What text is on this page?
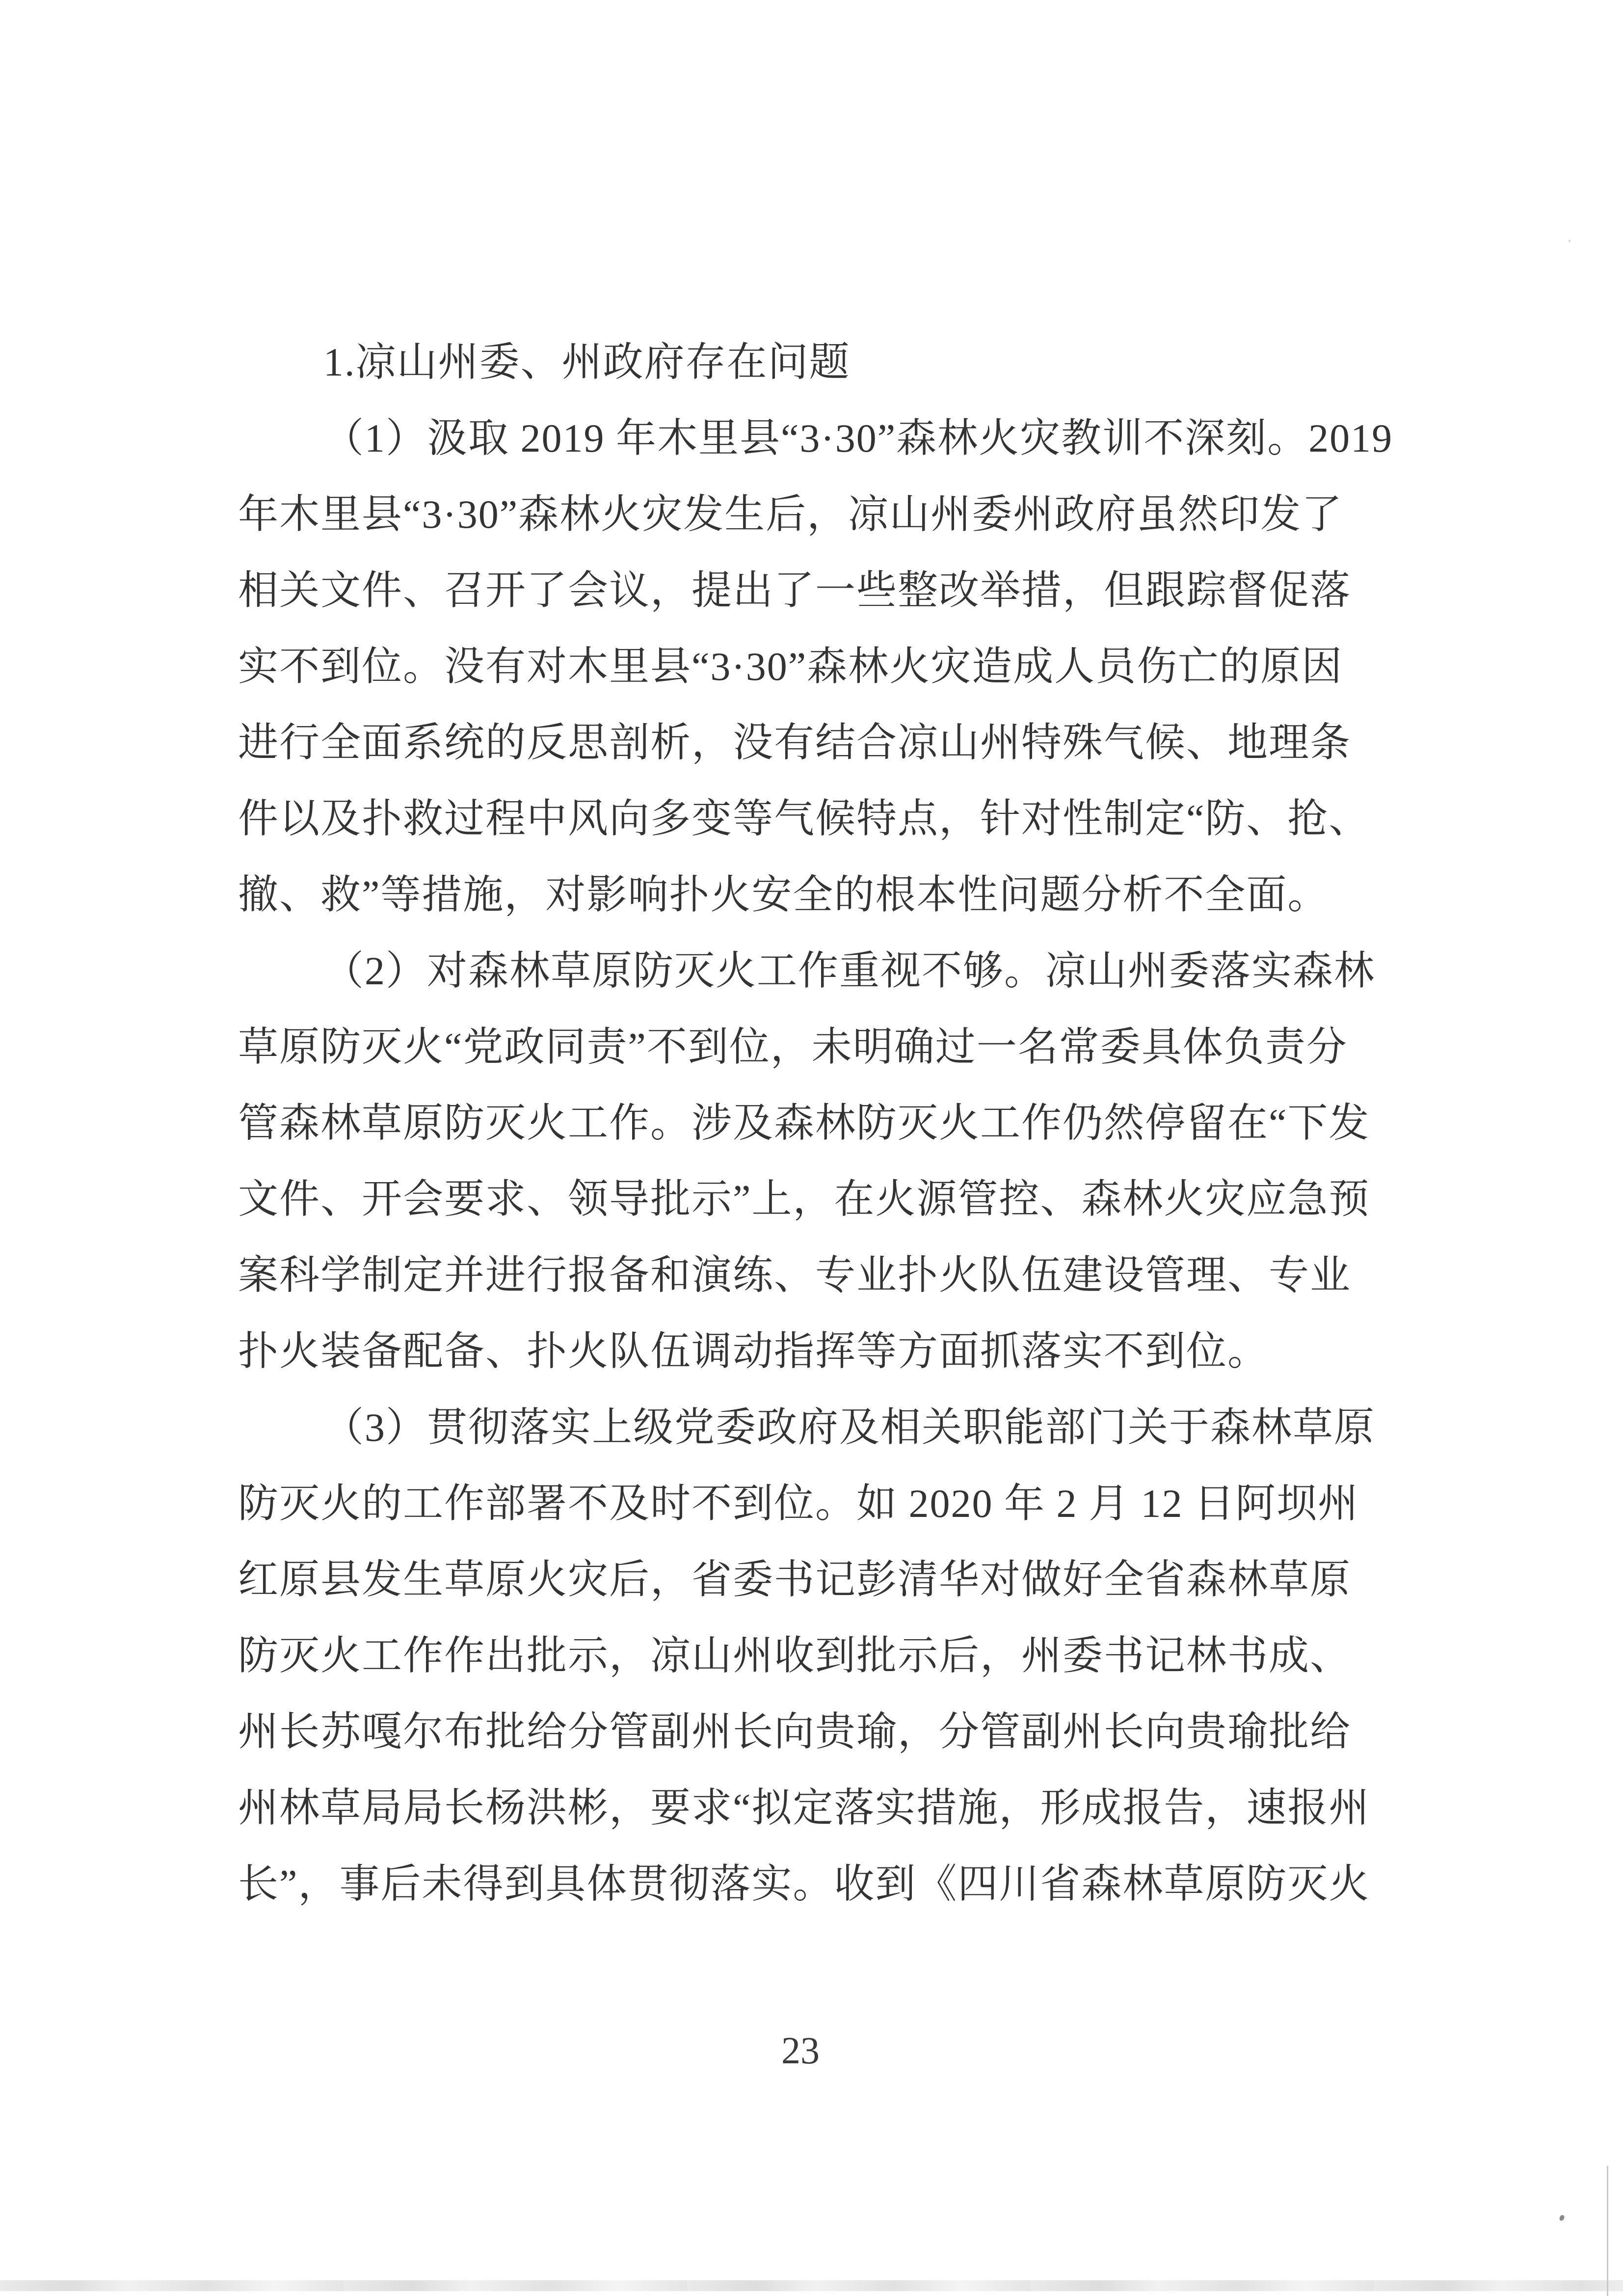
1.凉山州委、州政府存在问题
（1）汲取 2019 年木里县“3·30”森林火灾教训不深刻。2019
年木里县“3·30”森林火灾发生后，凉山州委州政府虽然印发了
相关文件、召开了会议，提出了一些整改举措，但跟踪督促落
实不到位。没有对木里县“3·30”森林火灾造成人员伤亡的原因
进行全面系统的反思剖析，没有结合凉山州特殊气候、地理条
件以及扑救过程中风向多变等气候特点，针对性制定“防、抢、
撤、救”等措施，对影响扑火安全的根本性问题分析不全面。
（2）对森林草原防灭火工作重视不够。凉山州委落实森林
草原防灭火“党政同责”不到位，未明确过一名常委具体负责分
管森林草原防灭火工作。涉及森林防灭火工作仍然停留在“下发
文件、开会要求、领导批示”上，在火源管控、森林火灾应急预
案科学制定并进行报备和演练、专业扑火队伍建设管理、专业
扑火装备配备、扑火队伍调动指挥等方面抓落实不到位。
（3）贯彻落实上级党委政府及相关职能部门关于森林草原
防灭火的工作部署不及时不到位。如 2020 年 2 月 12 日阿坝州
红原县发生草原火灾后，省委书记彭清华对做好全省森林草原
防灭火工作作出批示，凉山州收到批示后，州委书记林书成、
州长苏嘎尔布批给分管副州长向贵瑜，分管副州长向贵瑜批给
州林草局局长杨洪彬，要求“拟定落实措施，形成报告，速报州
长”，事后未得到具体贯彻落实。收到《四川省森林草原防灭火
23
